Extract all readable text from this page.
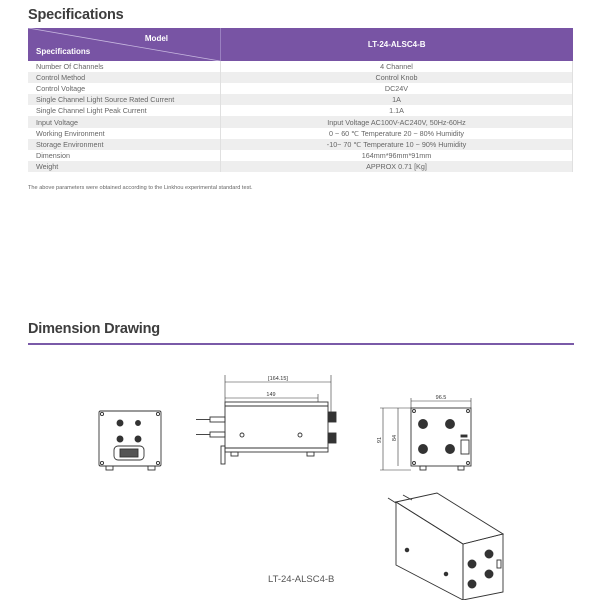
Specifications
Model
Specifications	LT-24-ALSC4-B
Number Of Channels	4 Channel
Control Method	Control Knob
Control Voltage	DC24V
Single Channel Light Source Rated Current	1A
Single Channel Light Peak Current	1.1A
Input Voltage	Input Voltage AC100V-AC240V, 50Hz-60Hz
Working Environment	0 ~ 60 ℃ Temperature 20 ~ 80% Humidity
Storage Environment	-10~ 70 ℃ Temperature 10 ~ 90% Humidity
Dimension	164mm*96mm*91mm
Weight	APPROX 0.71 [Kg]
The above parameters were obtained according to the Linkhou experimental standard test.
Dimension Drawing
[164.15]
149	96.5
91 84
LT-24-ALSC4-B
